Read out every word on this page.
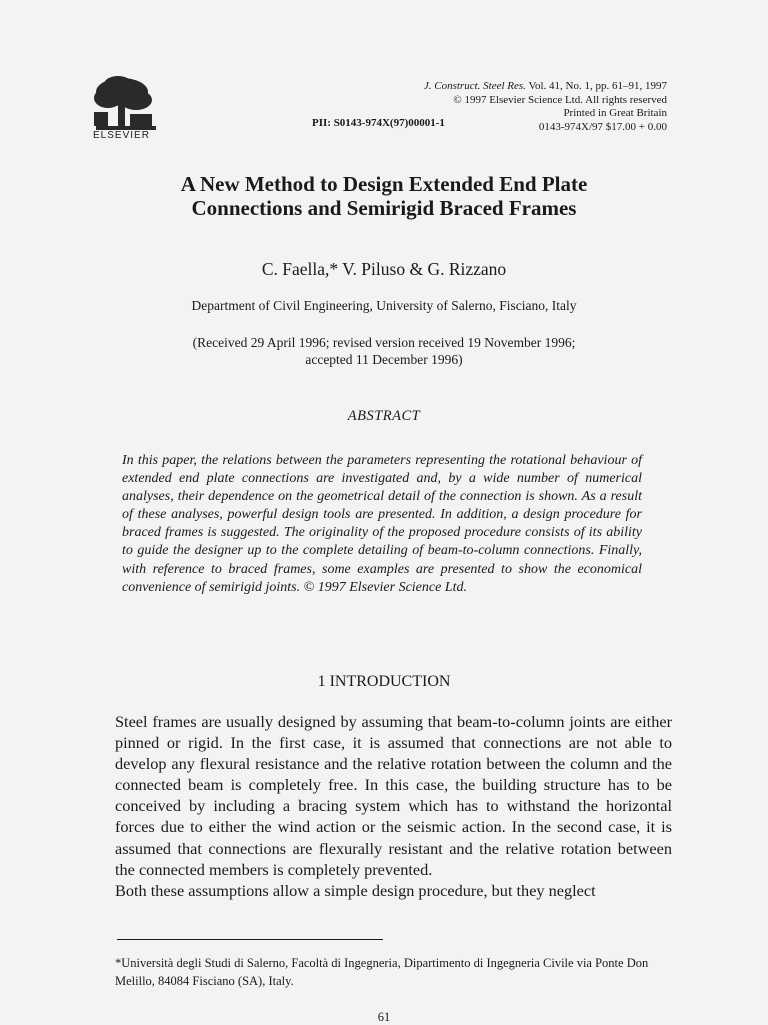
ELSEVIER
J. Construct. Steel Res. Vol. 41, No. 1, pp. 61–91, 1997
© 1997 Elsevier Science Ltd. All rights reserved
Printed in Great Britain
0143-974X/97 $17.00 + 0.00
PII: S0143-974X(97)00001-1
A New Method to Design Extended End Plate
Connections and Semirigid Braced Frames
C. Faella,* V. Piluso & G. Rizzano
Department of Civil Engineering, University of Salerno, Fisciano, Italy
(Received 29 April 1996; revised version received 19 November 1996;
accepted 11 December 1996)
ABSTRACT
In this paper, the relations between the parameters representing the rotational behaviour of extended end plate connections are investigated and, by a wide number of numerical analyses, their dependence on the geometrical detail of the connection is shown. As a result of these analyses, powerful design tools are presented. In addition, a design procedure for braced frames is suggested. The originality of the proposed procedure consists of its ability to guide the designer up to the complete detailing of beam-to-column connections. Finally, with reference to braced frames, some examples are presented to show the economical convenience of semirigid joints. © 1997 Elsevier Science Ltd.
1 INTRODUCTION

Steel frames are usually designed by assuming that beam-to-column joints are either pinned or rigid. In the first case, it is assumed that connections are not able to develop any flexural resistance and the relative rotation between the column and the connected beam is completely free. In this case, the building structure has to be conceived by including a bracing system which has to withstand the horizontal forces due to either the wind action or the seismic action. In the second case, it is assumed that connections are flexurally resistant and the relative rotation between the connected members is completely prevented.

Both these assumptions allow a simple design procedure, but they neglect

*Università degli Studi di Salerno, Facoltà di Ingegneria, Dipartimento di Ingegneria Civile via Ponte Don Melillo, 84084 Fisciano (SA), Italy.
61
